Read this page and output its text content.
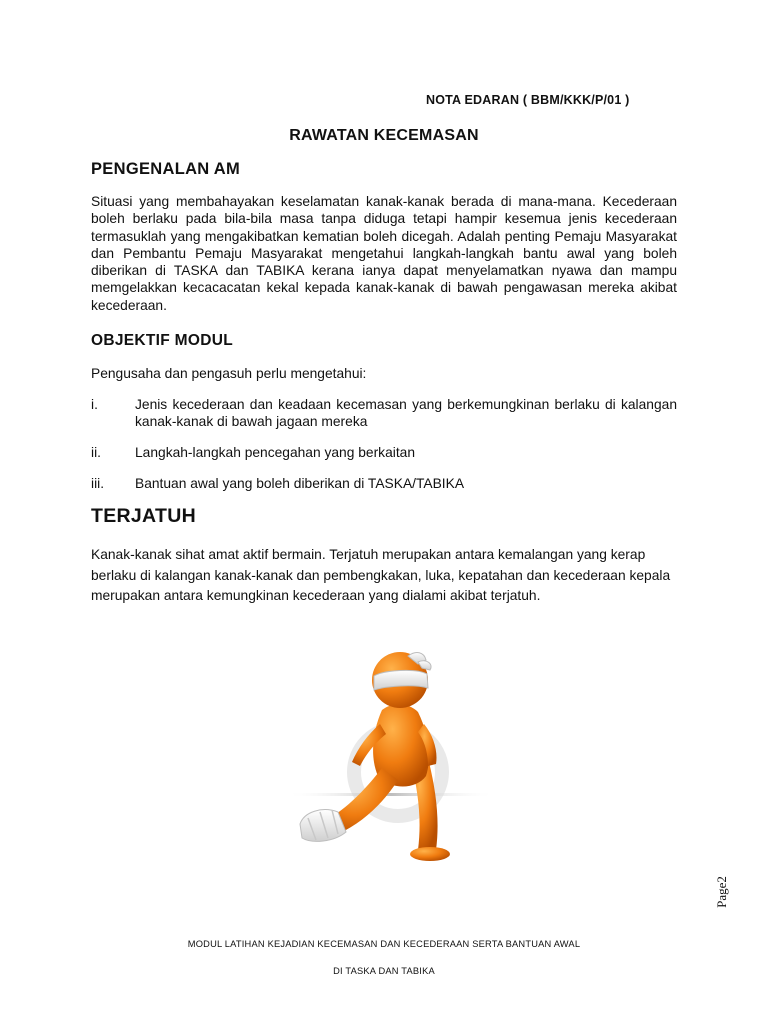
NOTA EDARAN ( BBM/KKK/P/01 )
RAWATAN KECEMASAN
PENGENALAN AM
Situasi yang membahayakan keselamatan kanak-kanak berada di mana-mana. Kecederaan boleh berlaku pada bila-bila masa tanpa diduga tetapi hampir kesemua jenis kecederaan termasuklah yang mengakibatkan kematian boleh dicegah. Adalah penting Pemaju Masyarakat dan Pembantu Pemaju Masyarakat mengetahui langkah-langkah bantu awal yang boleh diberikan di TASKA dan TABIKA kerana ianya dapat menyelamatkan nyawa dan mampu memgelakkan kecacacatan kekal kepada kanak-kanak di bawah pengawasan mereka akibat kecederaan.
OBJEKTIF MODUL
Pengusaha dan pengasuh perlu mengetahui:
i.	Jenis kecederaan dan keadaan kecemasan yang berkemungkinan berlaku di kalangan kanak-kanak di bawah jagaan mereka
ii. Langkah-langkah pencegahan yang berkaitan
iii. Bantuan awal yang boleh diberikan di TASKA/TABIKA
TERJATUH
Kanak-kanak sihat amat aktif bermain. Terjatuh merupakan antara kemalangan yang kerap berlaku di kalangan kanak-kanak dan pembengkakan, luka, kepatahan dan kecederaan kepala merupakan antara kemungkinan kecederaan yang dialami akibat terjatuh.
Page2
MODUL LATIHAN KEJADIAN KECEMASAN DAN KECEDERAAN SERTA BANTUAN AWAL
DI TASKA DAN TABIKA
